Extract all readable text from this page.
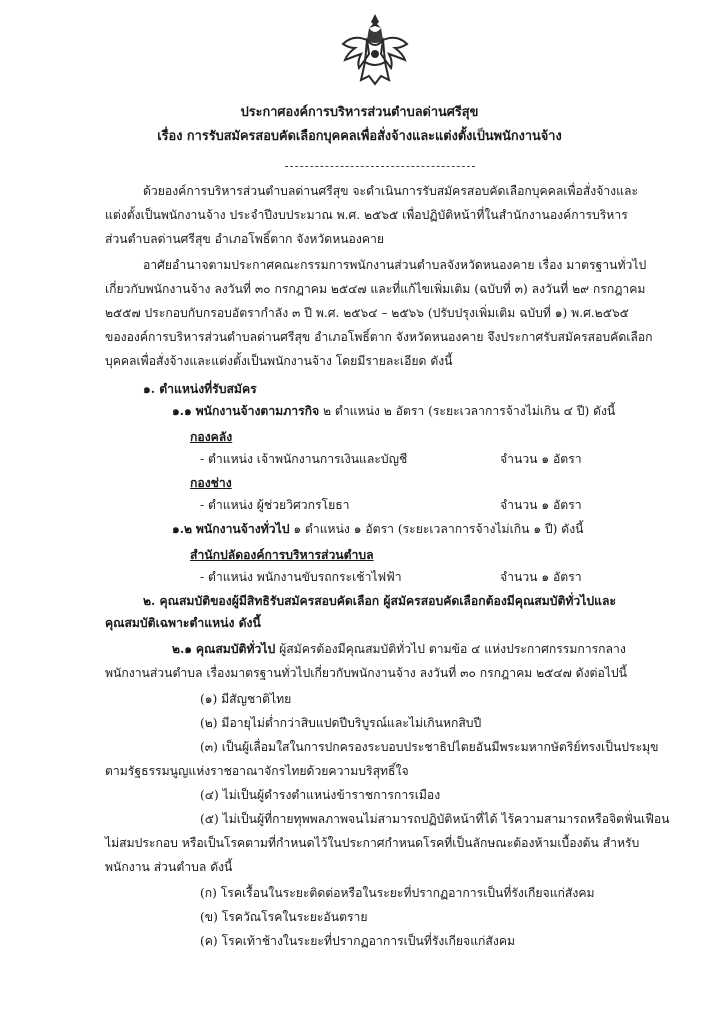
ประกาศองค์การบริหารส่วนตำบลด่านศรีสุข
เรื่อง การรับสมัครสอบคัดเลือกบุคคลเพื่อสั่งจ้างและแต่งตั้งเป็นพนักงานจ้าง
ด้วยองค์การบริหารส่วนตำบลด่านศรีสุข จะดำเนินการรับสมัครสอบคัดเลือกบุคคลเพื่อสั่งจ้างและ
แต่งตั้งเป็นพนักงานจ้าง ประจำปีงบประมาณ พ.ศ. ๒๕๖๕ เพื่อปฏิบัติหน้าที่ในสำนักงานองค์การบริหาร
ส่วนตำบลด่านศรีสุข อำเภอโพธิ์ตาก จังหวัดหนองคาย
อาศัยอำนาจตามประกาศคณะกรรมการพนักงานส่วนตำบลจังหวัดหนองคาย เรื่อง มาตรฐานทั่วไป
เกี่ยวกับพนักงานจ้าง ลงวันที่ ๓๐ กรกฎาคม ๒๕๔๗ และที่แก้ไขเพิ่มเติม (ฉบับที่ ๓) ลงวันที่ ๒๙ กรกฎาคม
๒๕๕๗ ประกอบกับกรอบอัตรากำลัง ๓ ปี พ.ศ. ๒๕๖๔ – ๒๕๖๖ (ปรับปรุงเพิ่มเติม ฉบับที่ ๑) พ.ศ.๒๕๖๕
ขององค์การบริหารส่วนตำบลด่านศรีสุข อำเภอโพธิ์ตาก จังหวัดหนองคาย จึงประกาศรับสมัครสอบคัดเลือก
บุคคลเพื่อสั่งจ้างและแต่งตั้งเป็นพนักงานจ้าง โดยมีรายละเอียด ดังนี้
๑. ตำแหน่งที่รับสมัคร
๑.๑ พนักงานจ้างตามภารกิจ ๒ ตำแหน่ง ๒ อัตรา (ระยะเวลาการจ้างไม่เกิน ๔ ปี) ดังนี้
กองคลัง
- ตำแหน่ง เจ้าพนักงานการเงินและบัญชี	จำนวน ๑ อัตรา
กองช่าง
- ตำแหน่ง ผู้ช่วยวิศวกรโยธา	จำนวน ๑ อัตรา
๑.๒ พนักงานจ้างทั่วไป ๑ ตำแหน่ง ๑ อัตรา (ระยะเวลาการจ้างไม่เกิน ๑ ปี) ดังนี้
สำนักปลัดองค์การบริหารส่วนตำบล
- ตำแหน่ง พนักงานขับรถกระเช้าไฟฟ้า	จำนวน ๑ อัตรา
๒. คุณสมบัติของผู้มีสิทธิรับสมัครสอบคัดเลือก ผู้สมัครสอบคัดเลือกต้องมีคุณสมบัติทั่วไปและ
คุณสมบัติเฉพาะตำแหน่ง ดังนี้
๒.๑ คุณสมบัติทั่วไป ผู้สมัครต้องมีคุณสมบัติทั่วไป ตามข้อ ๔ แห่งประกาศกรรมการกลาง
พนักงานส่วนตำบล เรื่องมาตรฐานทั่วไปเกี่ยวกับพนักงานจ้าง ลงวันที่ ๓๐ กรกฎาคม ๒๕๔๗ ดังต่อไปนี้
(๑) มีสัญชาติไทย
(๒) มีอายุไม่ต่ำกว่าสิบแปดปีบริบูรณ์และไม่เกินหกสิบปี
(๓) เป็นผู้เลื่อมใสในการปกครองระบอบประชาธิปไตยอันมีพระมหากษัตริย์ทรงเป็นประมุข
ตามรัฐธรรมนูญแห่งราชอาณาจักรไทยด้วยความบริสุทธิ์ใจ
(๔) ไม่เป็นผู้ดำรงตำแหน่งข้าราชการการเมือง
(๕) ไม่เป็นผู้ที่กายทุพพลภาพจนไม่สามารถปฏิบัติหน้าที่ได้ ไร้ความสามารถหรือจิตฟั่นเฟือน
ไม่สมประกอบ หรือเป็นโรคตามที่กำหนดไว้ในประกาศกำหนดโรคที่เป็นลักษณะต้องห้ามเบื้องต้น สำหรับ
พนักงาน ส่วนตำบล ดังนี้
(ก) โรคเรื้อนในระยะติดต่อหรือในระยะที่ปรากฏอาการเป็นที่รังเกียจแก่สังคม
(ข) โรควัณโรคในระยะอันตราย
(ค) โรคเท้าช้างในระยะที่ปรากฏอาการเป็นที่รังเกียจแก่สังคม
